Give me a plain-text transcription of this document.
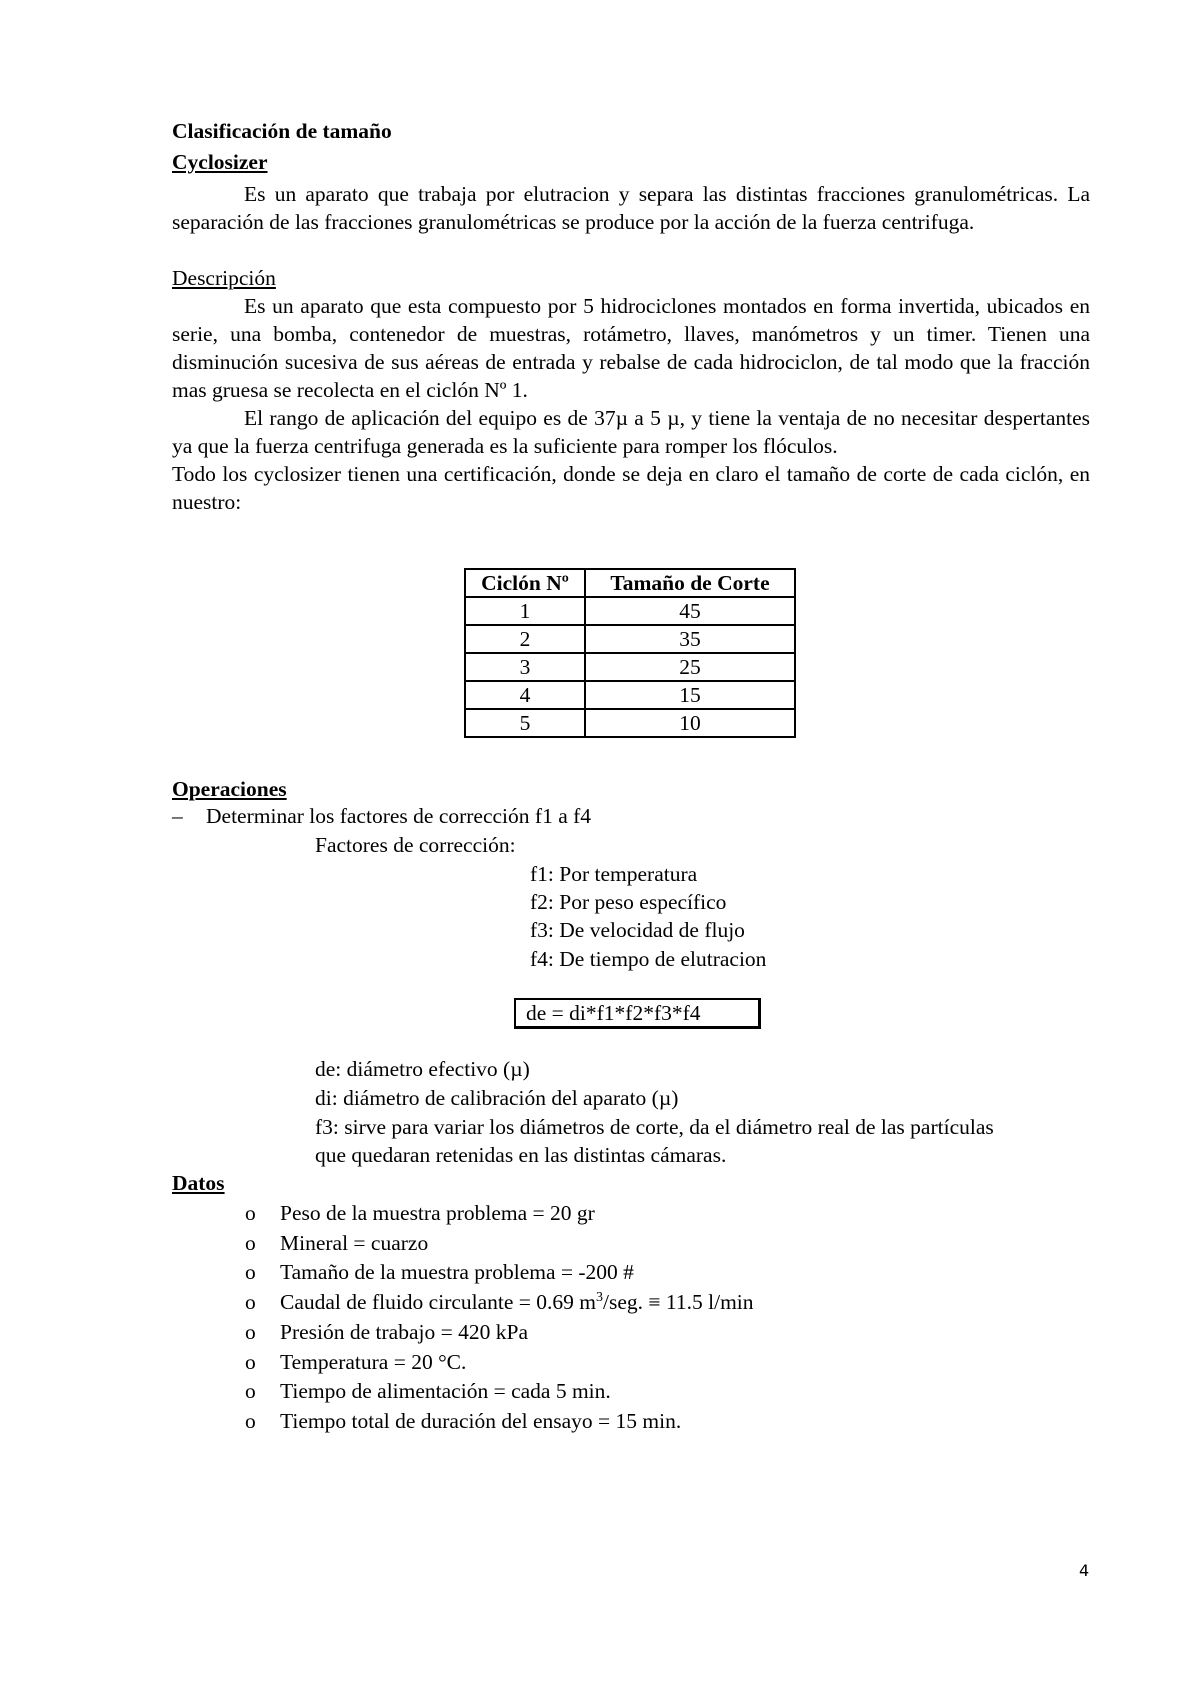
Clasificación de tamaño
Cyclosizer

Es un aparato que trabaja por elutracion y separa las distintas fracciones granulométricas. La separación de las fracciones granulométricas se produce por la acción de la fuerza centrifuga.

Descripción

Es un aparato que esta compuesto por 5 hidrociclones montados en forma invertida, ubicados en serie, una bomba, contenedor de muestras, rotámetro, llaves, manómetros y un timer. Tienen una disminución sucesiva de sus aéreas de entrada y rebalse de cada hidrociclon, de tal modo que la fracción mas gruesa se recolecta en el ciclón Nº 1.

El rango de aplicación del equipo es de 37µ a 5 µ, y tiene la ventaja de no necesitar despertantes ya que la fuerza centrifuga generada es la suficiente para romper los flóculos.

Todo los cyclosizer tienen una certificación, donde se deja en claro el tamaño de corte de cada ciclón, en nuestro:

Ciclón Nº	Tamaño de Corte
1	45
2	35
3	25
4	15
5	10
Operaciones
– Determinar los factores de corrección f1 a f4
Factores de corrección:
f1: Por temperatura
f2: Por peso específico
f3: De velocidad de flujo
f4: De tiempo de elutracion
de = di*f1*f2*f3*f4
de: diámetro efectivo (µ)
di: diámetro de calibración del aparato (µ)
f3: sirve para variar los diámetros de corte, da el diámetro real de las partículas
que quedaran retenidas en las distintas cámaras.
Datos
o Peso de la muestra problema = 20 gr
o Mineral = cuarzo
o Tamaño de la muestra problema = -200 #
o Caudal de fluido circulante = 0.69 $m^3$/seg. ≡ 11.5 l/min
o Presión de trabajo = 420 kPa
o Temperatura = 20 °C.
o Tiempo de alimentación = cada 5 min.
o Tiempo total de duración del ensayo = 15 min.
4
